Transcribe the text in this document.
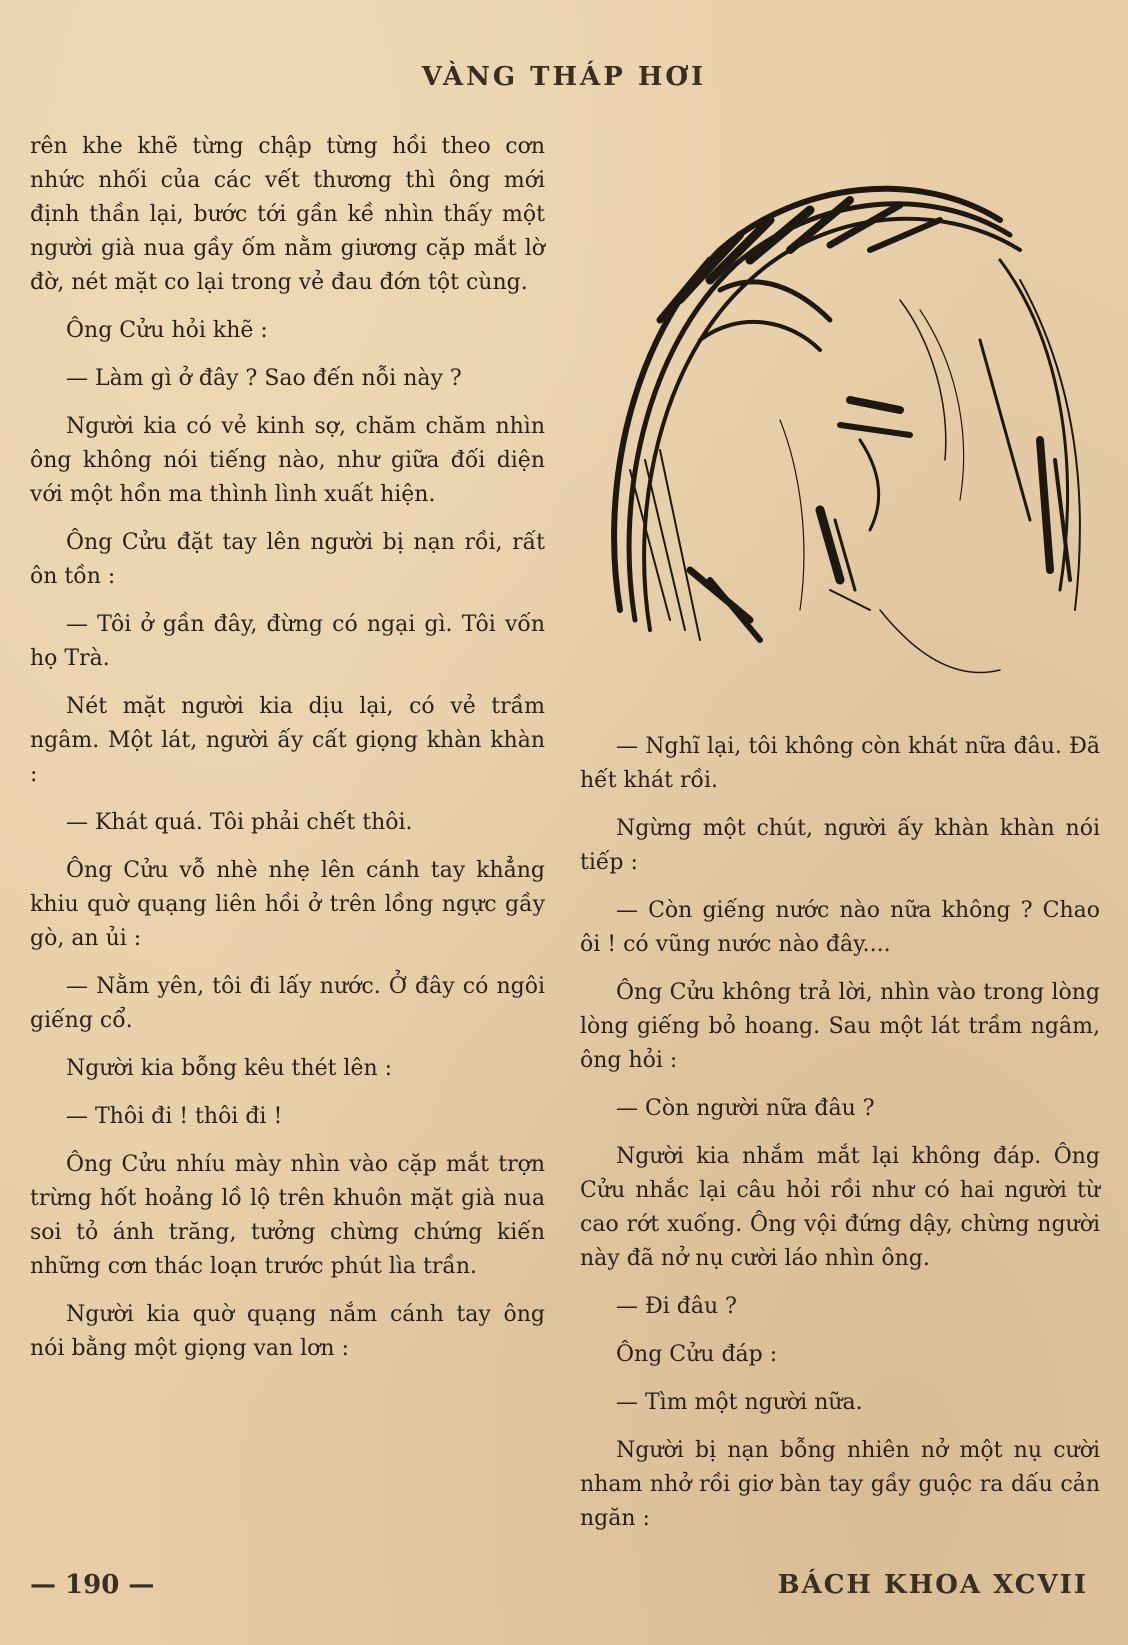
VÀNG THÁP HƠI

rên khe khẽ từng chập từng hồi theo cơn nhức nhối của các vết thương thì ông mới định thần lại, bước tới gần kề nhìn thấy một người già nua gầy ốm nằm giương cặp mắt lờ đờ, nét mặt co lại trong vẻ đau đớn tột cùng.

Ông Cửu hỏi khẽ :

— Làm gì ở đây ? Sao đến nỗi này ?

Người kia có vẻ kinh sợ, chăm chăm nhìn ông không nói tiếng nào, như giữa đối diện với một hồn ma thình lình xuất hiện.

Ông Cửu đặt tay lên người bị nạn rồi, rất ôn tồn :

— Tôi ở gần đây, đừng có ngại gì. Tôi vốn họ Trà.

Nét mặt người kia dịu lại, có vẻ trầm ngâm. Một lát, người ấy cất giọng khàn khàn :

— Khát quá. Tôi phải chết thôi.

Ông Cửu vỗ nhè nhẹ lên cánh tay khẳng khiu quờ quạng liên hồi ở trên lồng ngực gầy gò, an ủi :

— Nằm yên, tôi đi lấy nước. Ở đây có ngôi giếng cổ.

Người kia bỗng kêu thét lên :

— Thôi đi ! thôi đi !

Ông Cửu nhíu mày nhìn vào cặp mắt trợn trừng hốt hoảng lồ lộ trên khuôn mặt già nua soi tỏ ánh trăng, tưởng chừng chứng kiến những cơn thác loạn trước phút lìa trần.

Người kia quờ quạng nắm cánh tay ông nói bằng một giọng van lơn :

— Nghĩ lại, tôi không còn khát nữa đâu. Đã hết khát rồi.

Ngừng một chút, người ấy khàn khàn nói tiếp :

— Còn giếng nước nào nữa không ? Chao ôi ! có vũng nước nào đây....

Ông Cửu không trả lời, nhìn vào trong lòng lòng giếng bỏ hoang. Sau một lát trầm ngâm, ông hỏi :

— Còn người nữa đâu ?

Người kia nhắm mắt lại không đáp. Ông Cửu nhắc lại câu hỏi rồi như có hai người từ cao rớt xuống. Ông vội đứng dậy, chừng người này đã nở nụ cười láo nhìn ông.

— Đi đâu ?

Ông Cửu đáp :

— Tìm một người nữa.

Người bị nạn bỗng nhiên nở một nụ cười nham nhở rồi giơ bàn tay gầy guộc ra dấu cản ngăn :

— 190 —	BÁCH KHOA XCVII
